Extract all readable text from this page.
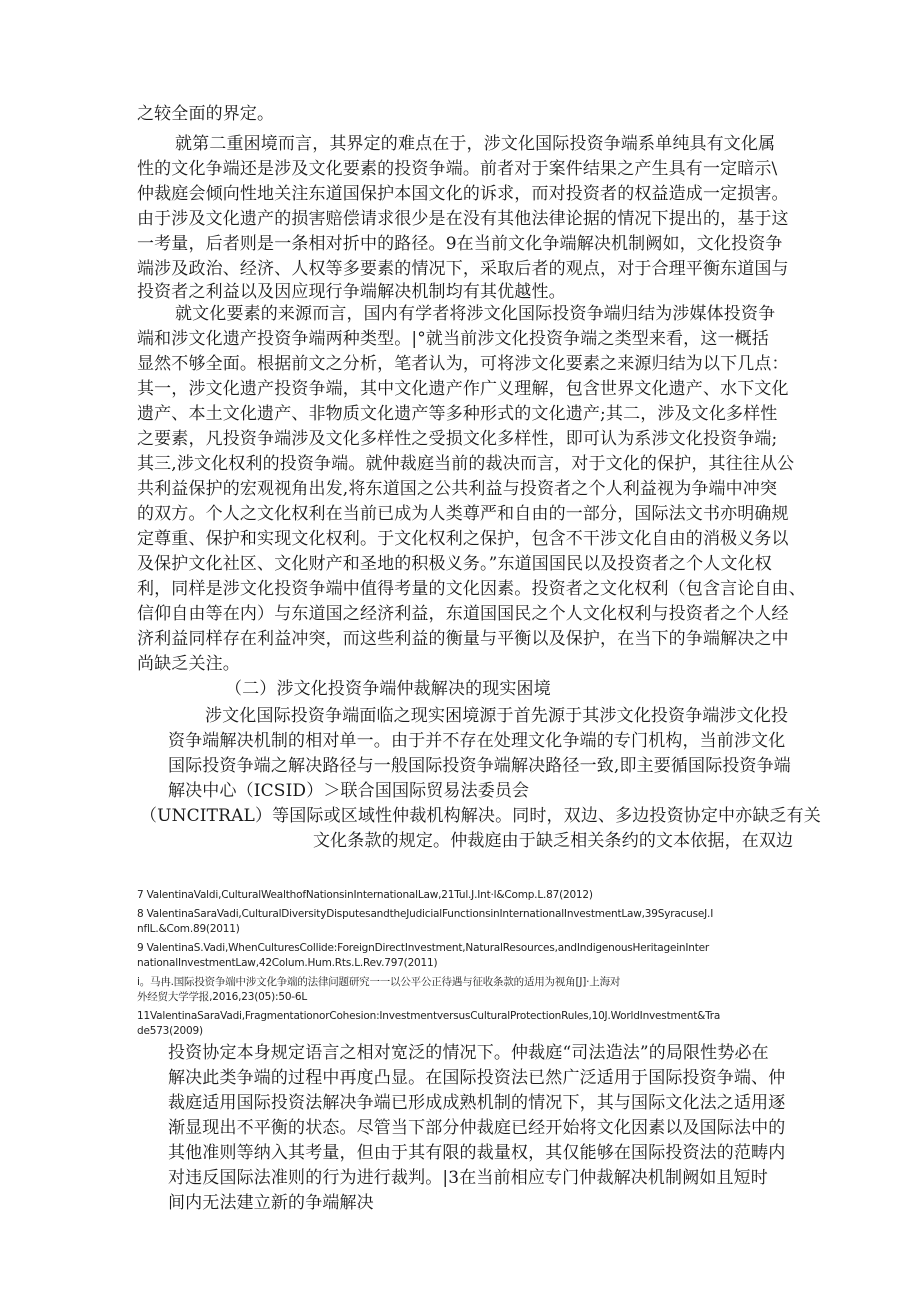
之较全面的界定。
就第二重困境而言，其界定的难点在于，涉文化国际投资争端系单纯具有文化属
性的文化争端还是涉及文化要素的投资争端。前者对于案件结果之产生具有一定暗示\
仲裁庭会倾向性地关注东道国保护本国文化的诉求，而对投资者的权益造成一定损害。
由于涉及文化遗产的损害赔偿请求很少是在没有其他法律论据的情况下提出的，基于这
一考量，后者则是一条相对折中的路径。9在当前文化争端解决机制阙如，文化投资争
端涉及政治、经济、人权等多要素的情况下，采取后者的观点，对于合理平衡东道国与
投资者之利益以及因应现行争端解决机制均有其优越性。
就文化要素的来源而言，国内有学者将涉文化国际投资争端归结为涉媒体投资争
端和涉文化遗产投资争端两种类型。|°就当前涉文化投资争端之类型来看，这一概括
显然不够全面。根据前文之分析，笔者认为，可将涉文化要素之来源归结为以下几点：
其一，涉文化遗产投资争端，其中文化遗产作广义理解，包含世界文化遗产、水下文化
遗产、本土文化遗产、非物质文化遗产等多种形式的文化遗产;其二，涉及文化多样性
之要素，凡投资争端涉及文化多样性之受损文化多样性，即可认为系涉文化投资争端;
其三,涉文化权利的投资争端。就仲裁庭当前的裁决而言，对于文化的保护，其往往从公
共利益保护的宏观视角出发,将东道国之公共利益与投资者之个人利益视为争端中冲突
的双方。个人之文化权利在当前已成为人类尊严和自由的一部分，国际法文书亦明确规
定尊重、保护和实现文化权利。于文化权利之保护，包含不干涉文化自由的消极义务以
及保护文化社区、文化财产和圣地的积极义务。”东道国国民以及投资者之个人文化权
利，同样是涉文化投资争端中值得考量的文化因素。投资者之文化权利（包含言论自由、
信仰自由等在内）与东道国之经济利益，东道国国民之个人文化权利与投资者之个人经
济利益同样存在利益冲突，而这些利益的衡量与平衡以及保护，在当下的争端解决之中
尚缺乏关注。
（二）涉文化投资争端仲裁解决的现实困境
涉文化国际投资争端面临之现实困境源于首先源于其涉文化投资争端涉文化投
资争端解决机制的相对单一。由于并不存在处理文化争端的专门机构，当前涉文化
国际投资争端之解决路径与一般国际投资争端解决路径一致,即主要循国际投资争端
解决中心（ICSID）＞联合国国际贸易法委员会
（UNCITRAL）等国际或区域性仲裁机构解决。同时，双边、多边投资协定中亦缺乏有关
文化条款的规定。仲裁庭由于缺乏相关条约的文本依据，在双边
7 ValentinaValdi,CulturalWealthofNationsinInternationalLaw,21Tul.J.Int·l&Comp.L.87(2012)
8 ValentinaSaraVadi,CulturalDiversityDisputesandtheJudicialFunctionsinInternationalInvestmentLaw,39SyracuseJ.I
nflL.&Com.89(2011)
9 ValentinaS.Vadi,WhenCulturesCollide:ForeignDirectInvestment,NaturalResources,andIndigenousHeritageinInter
nationalInvestmentLaw,42Colum.Hum.Rts.L.Rev.797(2011)
i。马冉.国际投资争端中涉文化争端的法律问题研究一一以公平公正待遇与征收条款的适用为视角[J]·上海对
外经贸大学学报,2016,23(05):50-6L
11ValentinaSaraVadi,FragmentationorCohesion:InvestmentversusCulturalProtectionRules,10J.WorldInvestment&Tra
de573(2009)
投资协定本身规定语言之相对宽泛的情况下。仲裁庭“司法造法”的局限性势必在
解决此类争端的过程中再度凸显。在国际投资法已然广泛适用于国际投资争端、仲
裁庭适用国际投资法解决争端已形成成熟机制的情况下，其与国际文化法之适用逐
渐显现出不平衡的状态。尽管当下部分仲裁庭已经开始将文化因素以及国际法中的
其他准则等纳入其考量，但由于其有限的裁量权，其仅能够在国际投资法的范畴内
对违反国际法准则的行为进行裁判。|3在当前相应专门仲裁解决机制阙如且短时
间内无法建立新的争端解决
